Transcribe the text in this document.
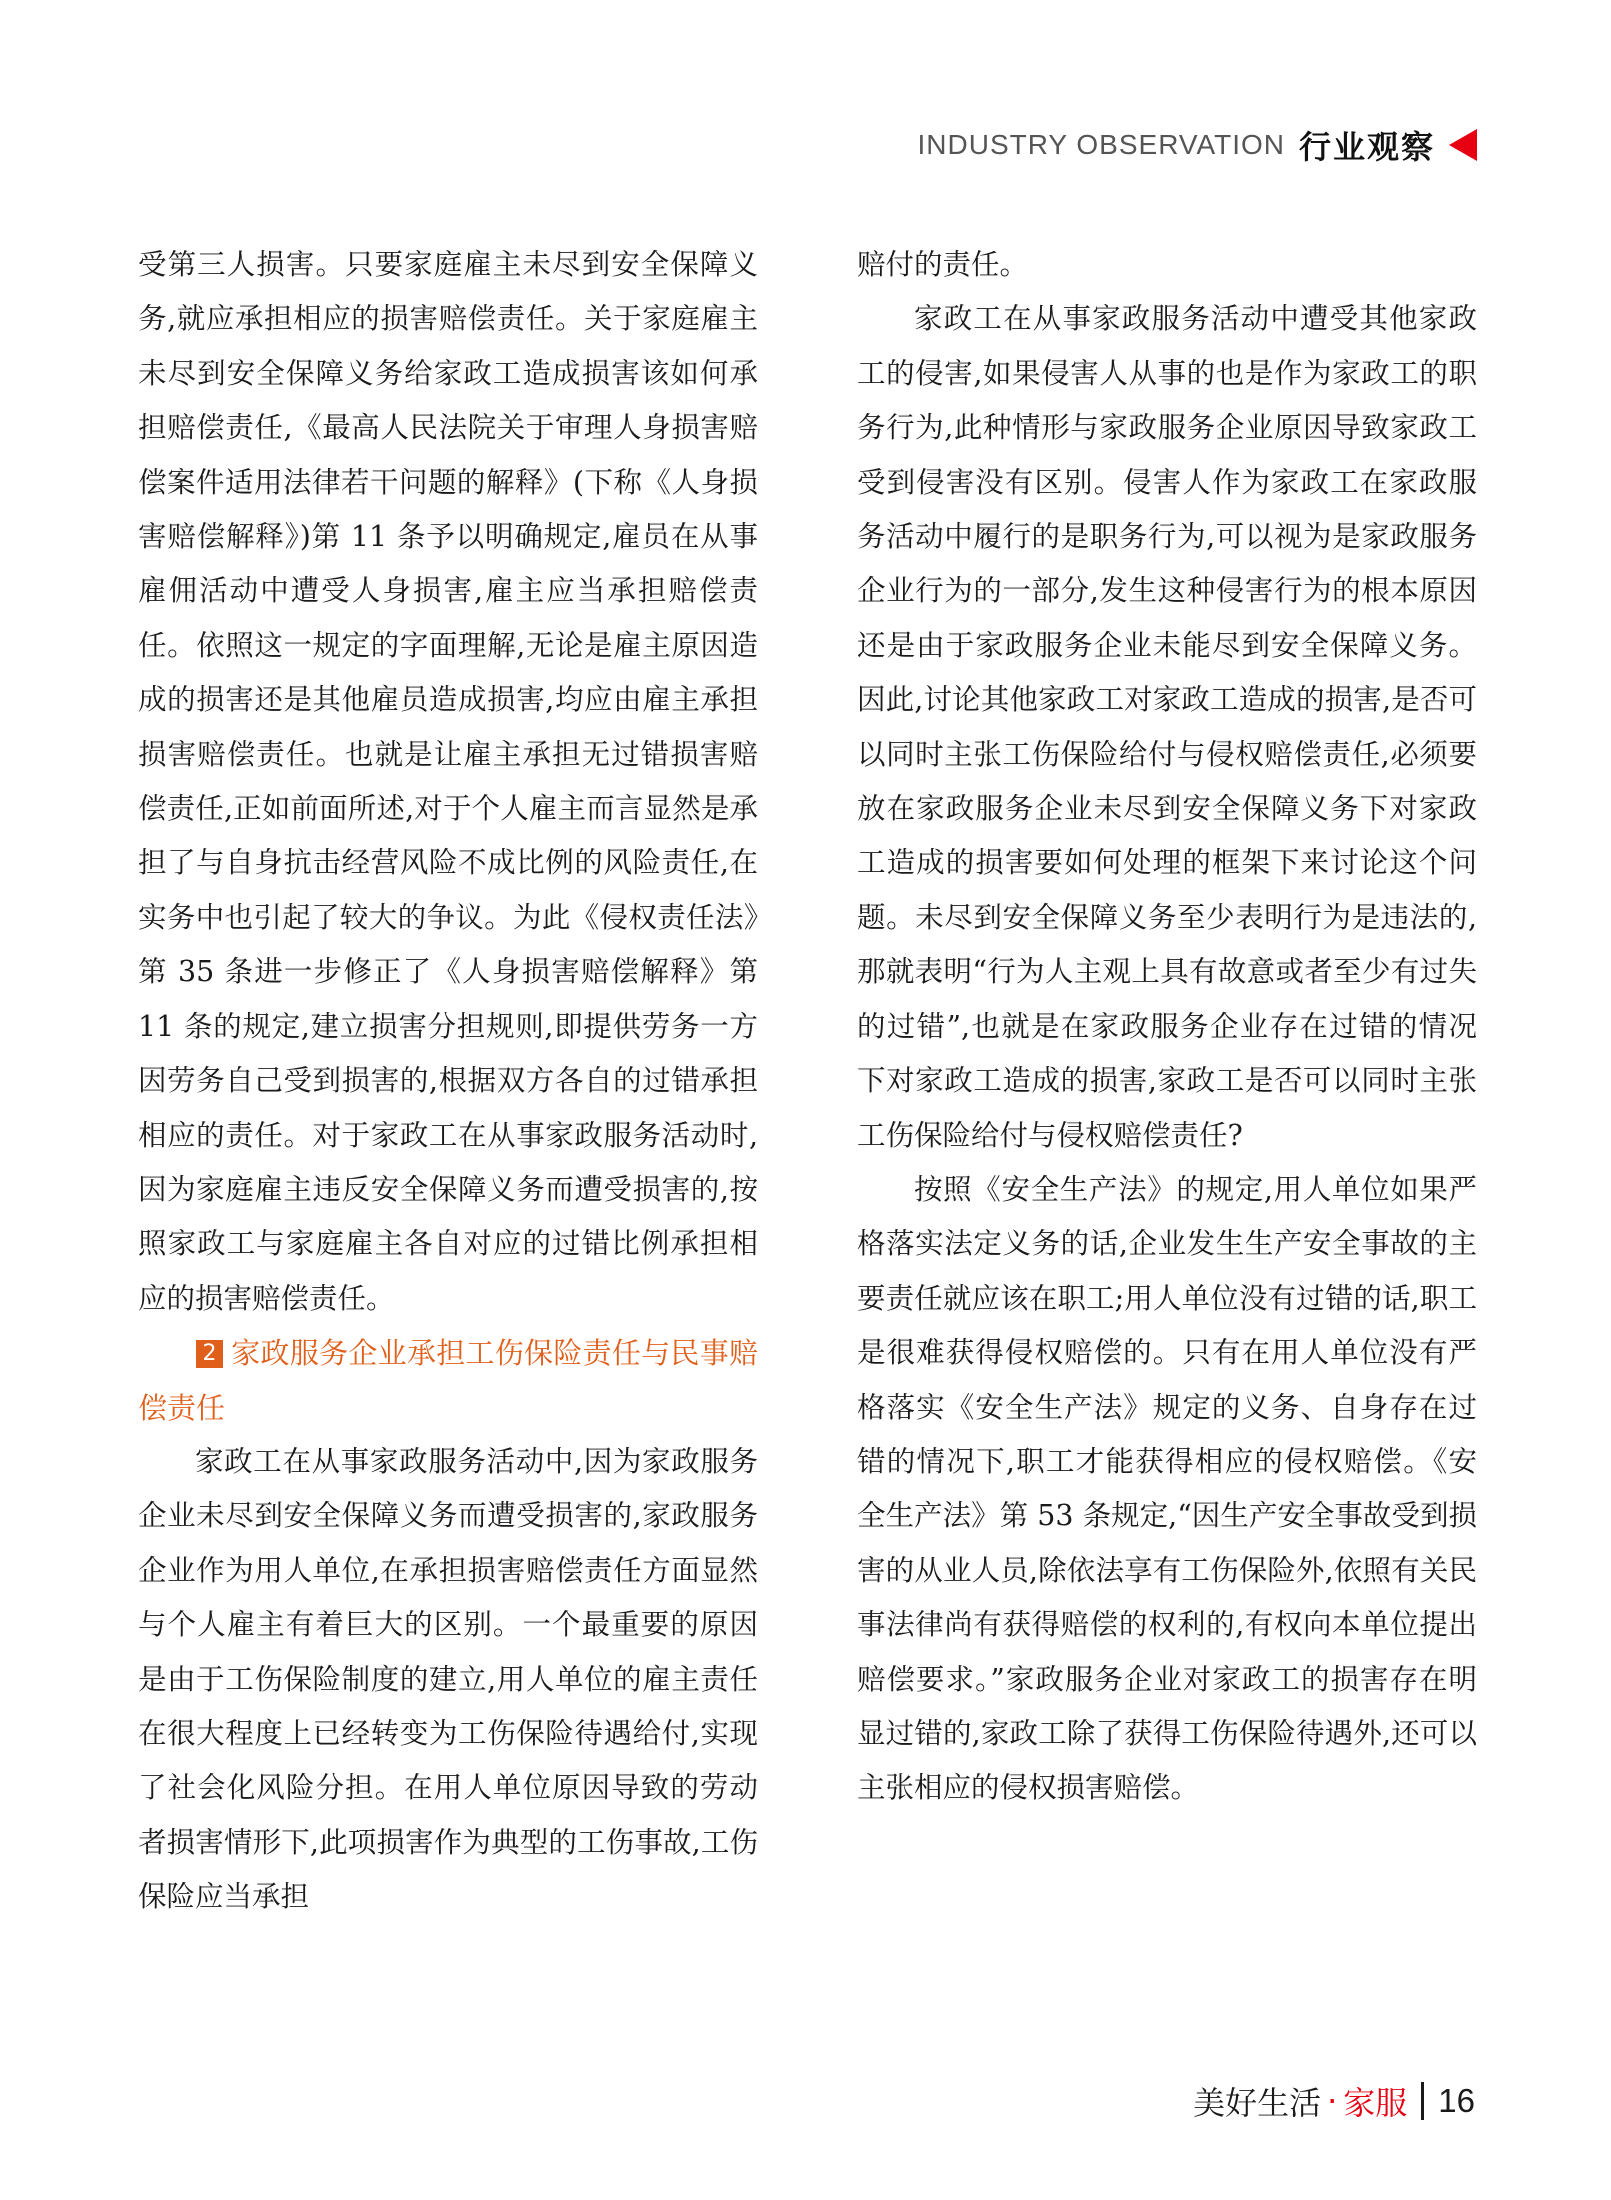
INDUSTRY OBSERVATION 行业观察

受第三人损害。只要家庭雇主未尽到安全保障义务,就应承担相应的损害赔偿责任。关于家庭雇主未尽到安全保障义务给家政工造成损害该如何承担赔偿责任,《最高人民法院关于审理人身损害赔偿案件适用法律若干问题的解释》(下称《人身损害赔偿解释》)第 11 条予以明确规定,雇员在从事雇佣活动中遭受人身损害,雇主应当承担赔偿责任。依照这一规定的字面理解,无论是雇主原因造成的损害还是其他雇员造成损害,均应由雇主承担损害赔偿责任。也就是让雇主承担无过错损害赔偿责任,正如前面所述,对于个人雇主而言显然是承担了与自身抗击经营风险不成比例的风险责任,在实务中也引起了较大的争议。为此《侵权责任法》第 35 条进一步修正了《人身损害赔偿解释》第 11 条的规定,建立损害分担规则,即提供劳务一方因劳务自己受到损害的,根据双方各自的过错承担相应的责任。对于家政工在从事家政服务活动时,因为家庭雇主违反安全保障义务而遭受损害的,按照家政工与家庭雇主各自对应的过错比例承担相应的损害赔偿责任。

2 家政服务企业承担工伤保险责任与民事赔偿责任

家政工在从事家政服务活动中,因为家政服务企业未尽到安全保障义务而遭受损害的,家政服务企业作为用人单位,在承担损害赔偿责任方面显然与个人雇主有着巨大的区别。一个最重要的原因是由于工伤保险制度的建立,用人单位的雇主责任在很大程度上已经转变为工伤保险待遇给付,实现了社会化风险分担。在用人单位原因导致的劳动者损害情形下,此项损害作为典型的工伤事故,工伤保险应当承担

赔付的责任。

家政工在从事家政服务活动中遭受其他家政工的侵害,如果侵害人从事的也是作为家政工的职务行为,此种情形与家政服务企业原因导致家政工受到侵害没有区别。侵害人作为家政工在家政服务活动中履行的是职务行为,可以视为是家政服务企业行为的一部分,发生这种侵害行为的根本原因还是由于家政服务企业未能尽到安全保障义务。因此,讨论其他家政工对家政工造成的损害,是否可以同时主张工伤保险给付与侵权赔偿责任,必须要放在家政服务企业未尽到安全保障义务下对家政工造成的损害要如何处理的框架下来讨论这个问题。未尽到安全保障义务至少表明行为是违法的,那就表明“行为人主观上具有故意或者至少有过失的过错”,也就是在家政服务企业存在过错的情况下对家政工造成的损害,家政工是否可以同时主张工伤保险给付与侵权赔偿责任?

按照《安全生产法》的规定,用人单位如果严格落实法定义务的话,企业发生生产安全事故的主要责任就应该在职工;用人单位没有过错的话,职工是很难获得侵权赔偿的。只有在用人单位没有严格落实《安全生产法》规定的义务、自身存在过错的情况下,职工才能获得相应的侵权赔偿。《安全生产法》第 53 条规定,“因生产安全事故受到损害的从业人员,除依法享有工伤保险外,依照有关民事法律尚有获得赔偿的权利的,有权向本单位提出赔偿要求。”家政服务企业对家政工的损害存在明显过错的,家政工除了获得工伤保险待遇外,还可以主张相应的侵权损害赔偿。

美好生活 · 家服 16
